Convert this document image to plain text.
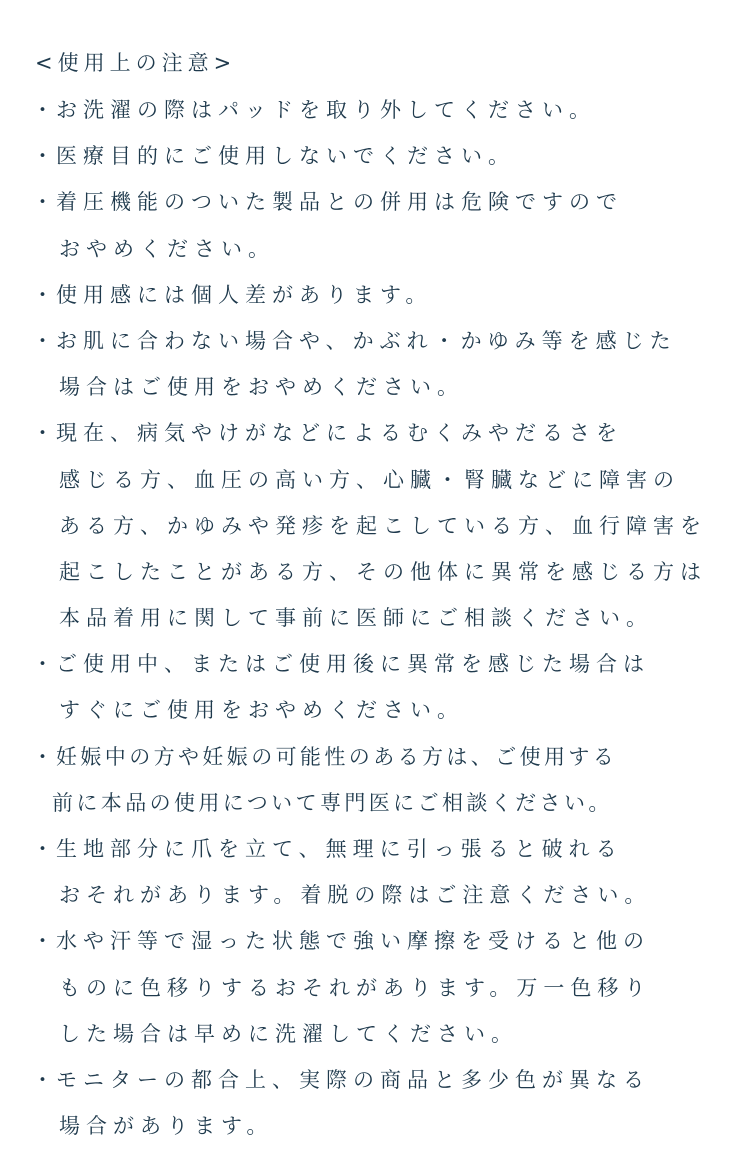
<使用上の注意>
・ お洗濯の際はパッドを取り外してください。
・ 医療目的にご使用しないでください。
・ 着圧機能のついた製品との併用は危険ですので
おやめください。
・ 使用感には個人差があります。
・ お肌に合わない場合や、かぶれ・かゆみ等を感じた
場合はご使用をおやめください。
・ 現在、病気やけがなどによるむくみやだるさを
感じる方、血圧の高い方、心臓・腎臓などに障害の
ある方、かゆみや発疹を起こしている方、血行障害を
起こしたことがある方、その他体に異常を感じる方は
本品着用に関して事前に医師にご相談ください。
・ ご使用中、またはご使用後に異常を感じた場合は
すぐにご使用をおやめください。
・ 妊娠中の方や妊娠の可能性のある方は、ご使用する
前に本品の使用について専門医にご相談ください。
・ 生地部分に爪を立て、無理に引っ張ると破れる
おそれがあります。着脱の際はご注意ください。
・ 水や汗等で湿った状態で強い摩擦を受けると他の
ものに色移りするおそれがあります。万一色移り
した場合は早めに洗濯してください。
・ モニターの都合上、実際の商品と多少色が異なる
場合があります。
